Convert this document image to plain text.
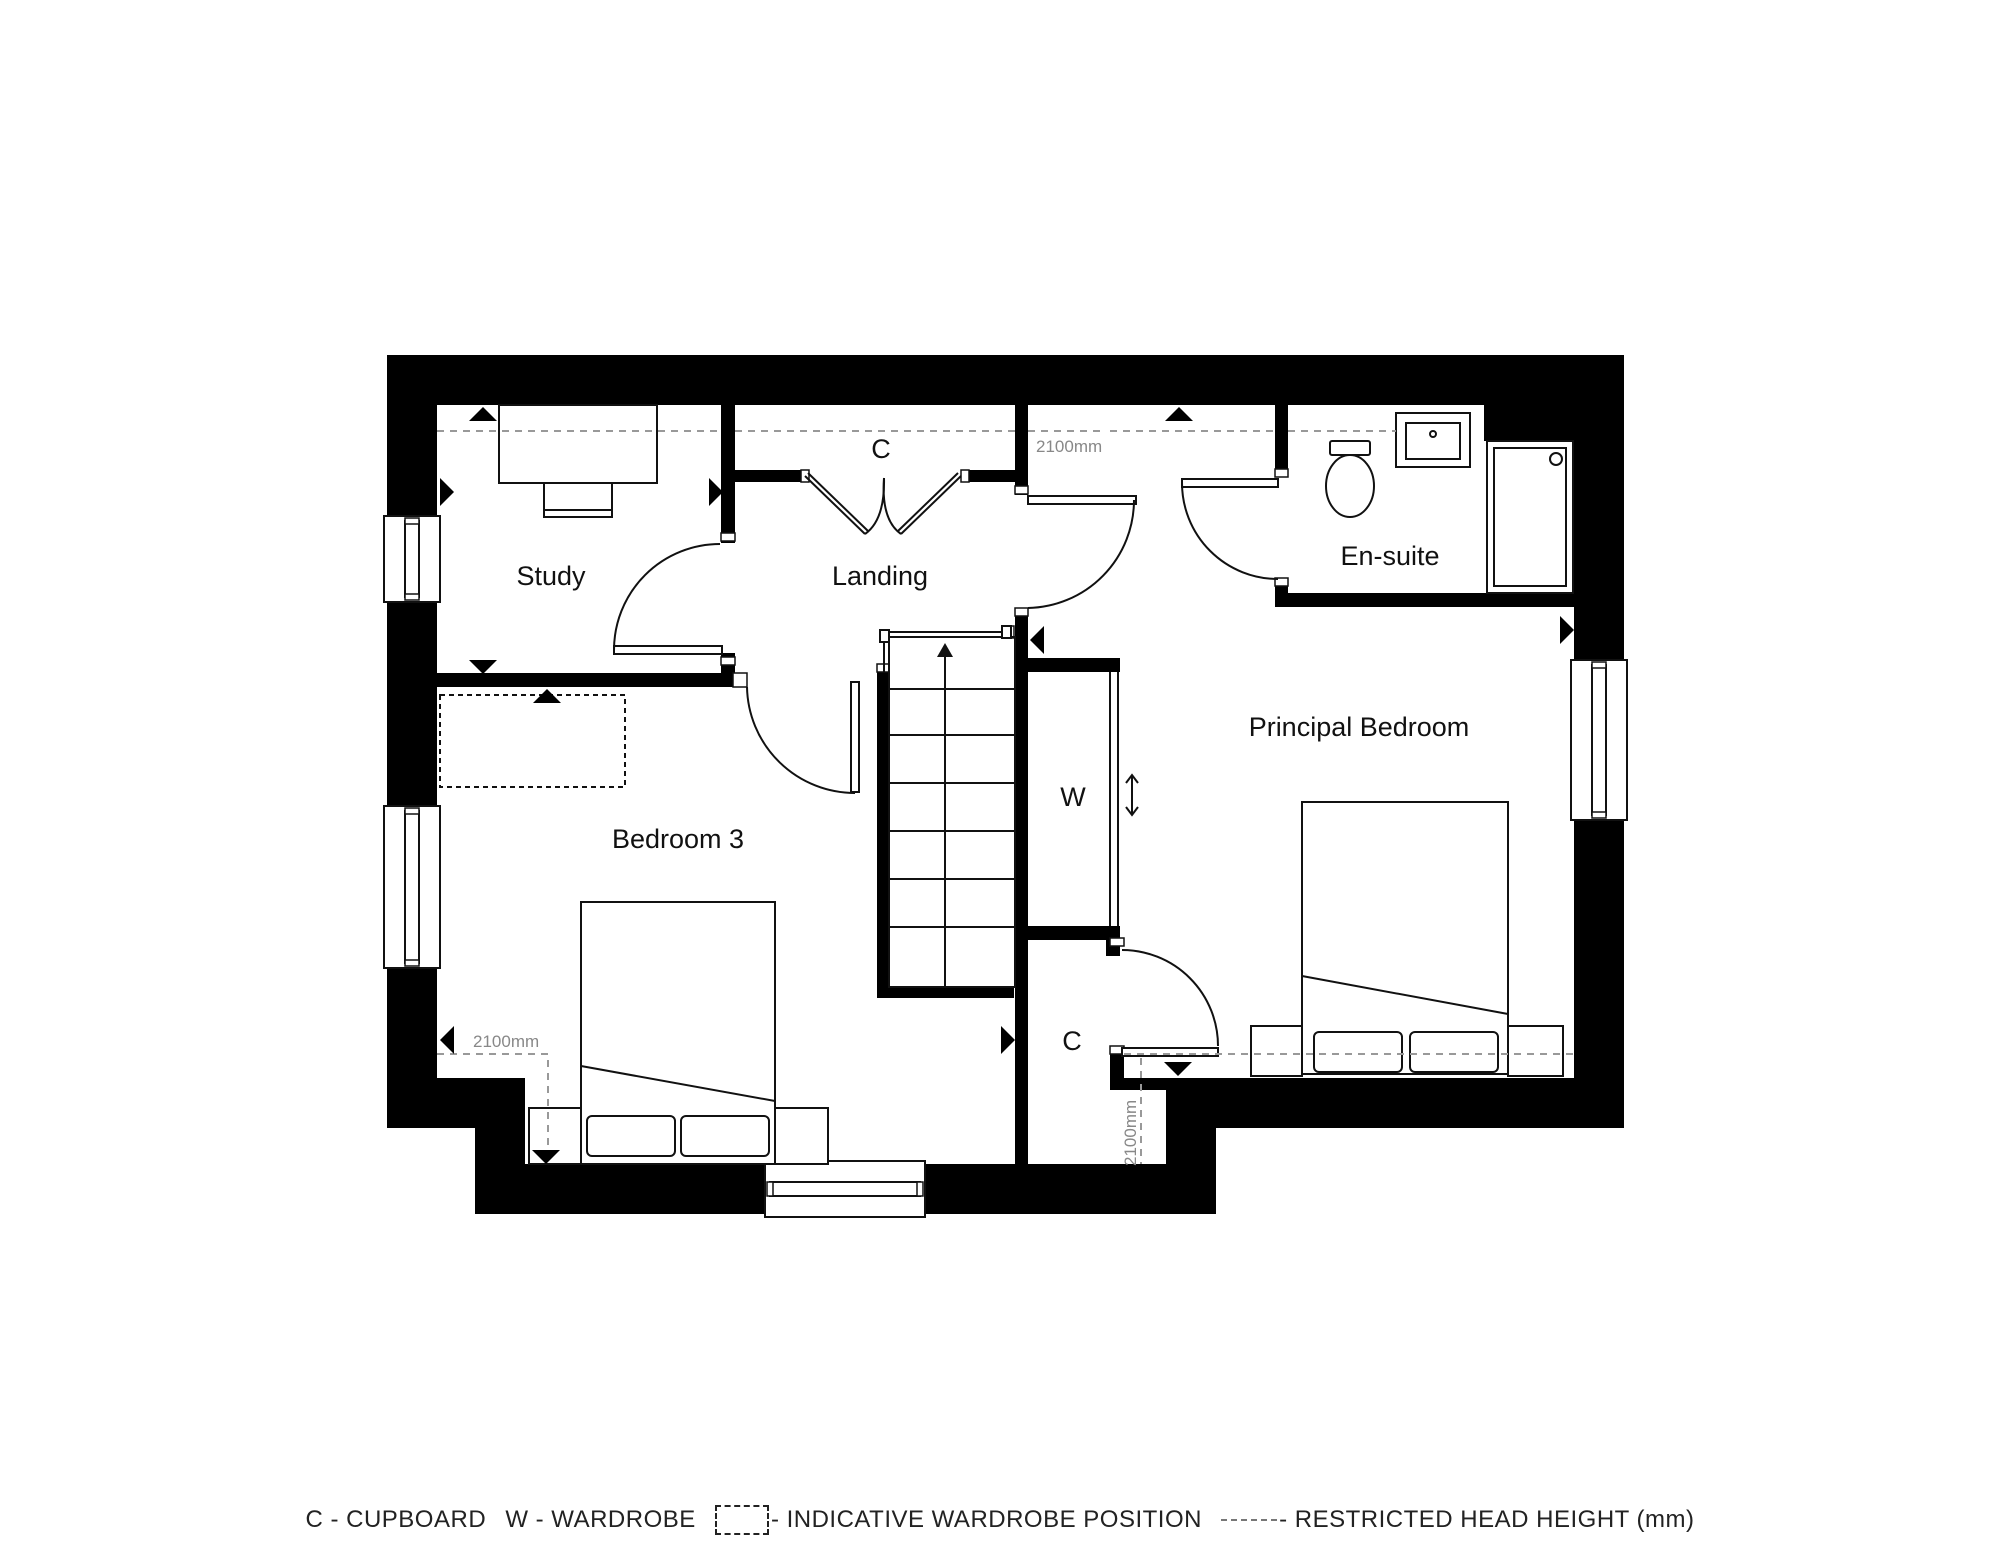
Study	Landing
C
En-suite
Principal Bedroom
W
Bedroom 3
C
2100mm
2100mm
2100mm
C - CUPBOARD W - WARDROBE	- INDICATIVE WARDROBE POSITION	- RESTRICTED HEAD HEIGHT (mm)
